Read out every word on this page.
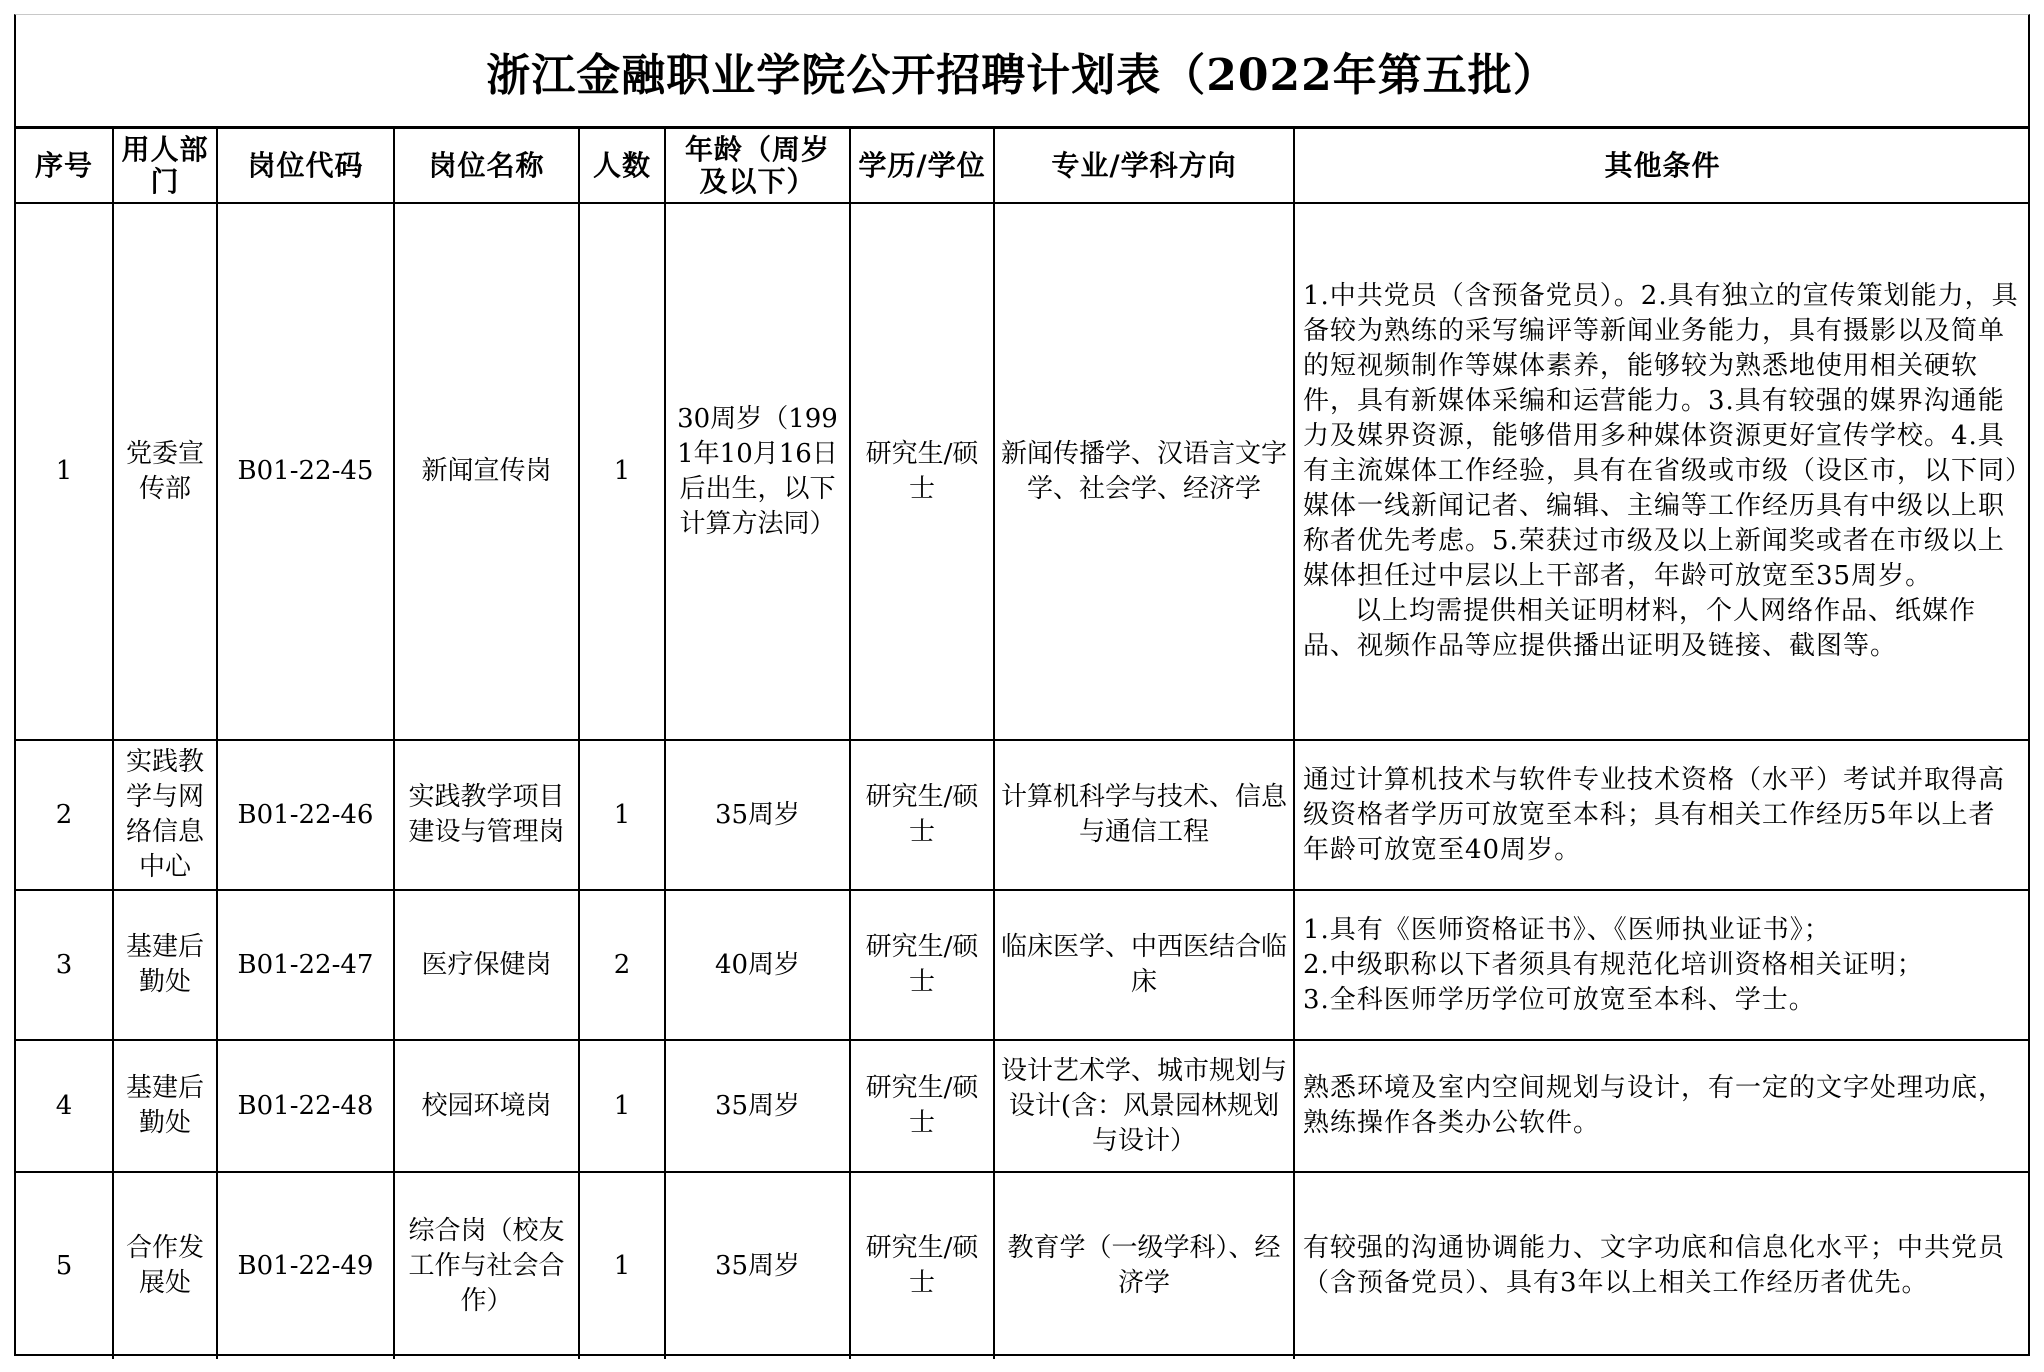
浙江金融职业学院公开招聘计划表（2022年第五批）
序号	用人部门	岗位代码	岗位名称	人数	年龄（周岁及以下）	学历/学位	专业/学科方向	其他条件
1	党委宣传部	B01-22-45	新闻宣传岗	1	30周岁（1991年10月16日后出生，以下计算方法同）	研究生/硕士	新闻传播学、汉语言文字学、社会学、经济学	1.中共党员（含预备党员）。2.具有独立的宣传策划能力，具备较为熟练的采写编评等新闻业务能力，具有摄影以及简单的短视频制作等媒体素养，能够较为熟悉地使用相关硬软件，具有新媒体采编和运营能力。3.具有较强的媒界沟通能力及媒界资源，能够借用多种媒体资源更好宣传学校。4.具有主流媒体工作经验，具有在省级或市级（设区市，以下同）媒体一线新闻记者、编辑、主编等工作经历具有中级以上职称者优先考虑。5.荣获过市级及以上新闻奖或者在市级以上媒体担任过中层以上干部者，年龄可放宽至35周岁。

以上均需提供相关证明材料，个人网络作品、纸媒作品、视频作品等应提供播出证明及链接、截图等。

2	实践教学与网络信息中心	B01-22-46	实践教学项目建设与管理岗	1	35周岁	研究生/硕士	计算机科学与技术、信息与通信工程	通过计算机技术与软件专业技术资格（水平）考试并取得高级资格者学历可放宽至本科；具有相关工作经历5年以上者年龄可放宽至40周岁。

3	基建后勤处	B01-22-47	医疗保健岗	2	40周岁	研究生/硕士	临床医学、中西医结合临床	1.具有《医师资格证书》、《医师执业证书》；

2.中级职称以下者须具有规范化培训资格相关证明；

3.全科医师学历学位可放宽至本科、学士。

4	基建后勤处	B01-22-48	校园环境岗	1	35周岁	研究生/硕士	设计艺术学、城市规划与设计(含：风景园林规划与设计）	熟悉环境及室内空间规划与设计，有一定的文字处理功底，熟练操作各类办公软件。

5	合作发展处	B01-22-49	综合岗（校友工作与社会合作）	1	35周岁	研究生/硕士	教育学（一级学科）、经济学	有较强的沟通协调能力、文字功底和信息化水平；中共党员（含预备党员）、具有3年以上相关工作经历者优先。
